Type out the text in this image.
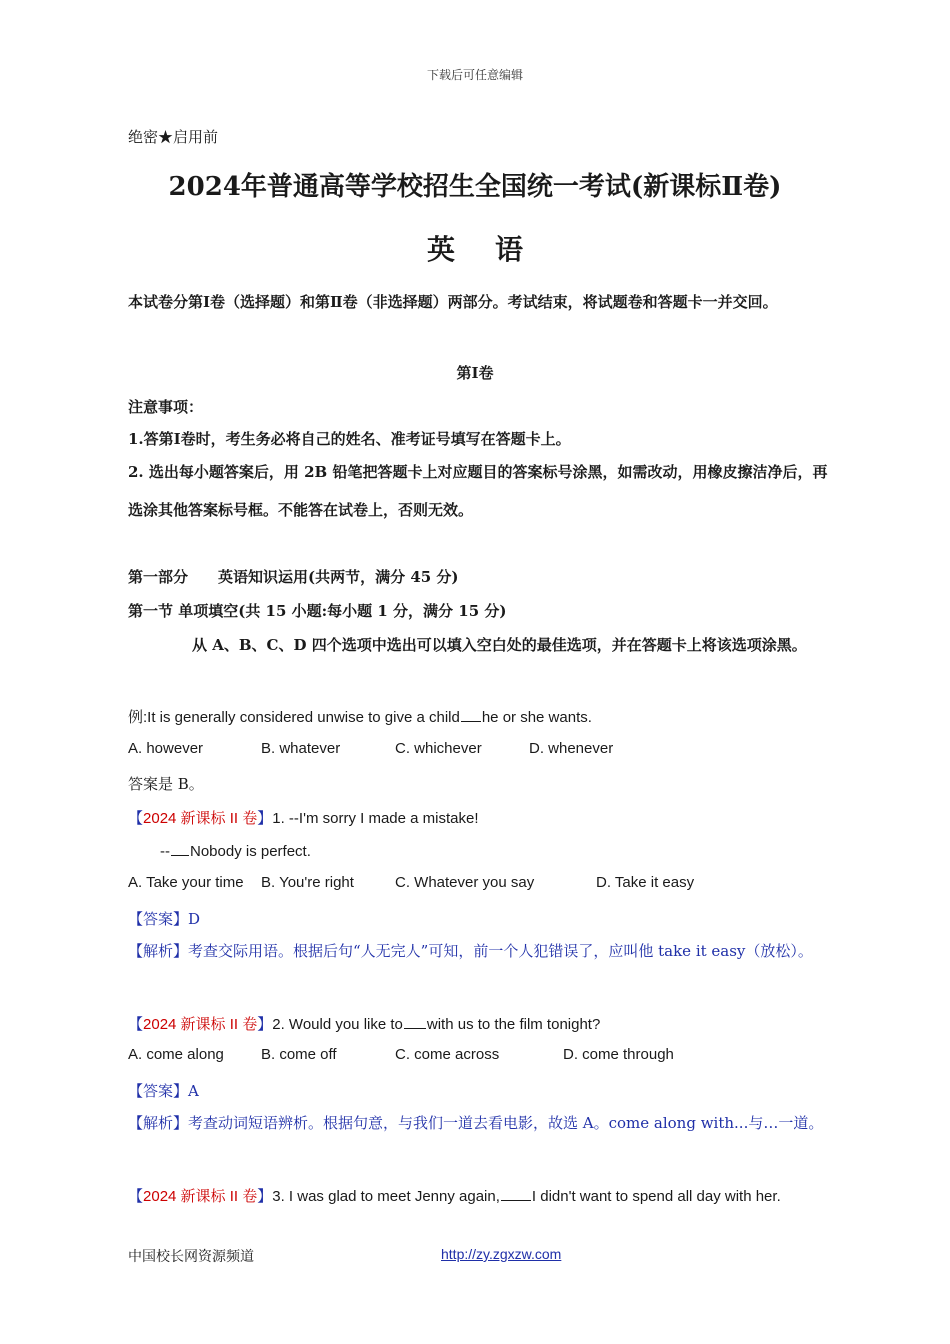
下载后可任意编辑
绝密★启用前
2024年普通高等学校招生全国统一考试(新课标Ⅱ卷)
英语
本试卷分第Ⅰ卷（选择题）和第Ⅱ卷（非选择题）两部分。考试结束，将试题卷和答题卡一并交回。
第Ⅰ卷
注意事项：
1.答第Ⅰ卷时，考生务必将自己的姓名、准考证号填写在答题卡上。
2. 选出每小题答案后，用 2B 铅笔把答题卡上对应题目的答案标号涂黑，如需改动，用橡皮擦洁净后，再选涂其他答案标号框。不能答在试卷上，否则无效。
第一部分　　英语知识运用(共两节，满分 45 分)
第一节 单项填空(共 15 小题:每小题 1 分，满分 15 分)
从 A、B、C、D 四个选项中选出可以填入空白处的最佳选项，并在答题卡上将该选项涂黑。
例:It is generally considered unwise to give a child he or she wants.
A. however	B. whatever	C. whichever	D. whenever
答案是 B。
【2024 新课标 II 卷】1. --I'm sorry I made a mistake!
-- Nobody is perfect.
A. Take your time B. You're right	C. Whatever you say	D. Take it easy
【答案】D
【解析】考查交际用语。根据后句“人无完人”可知，前一个人犯错误了，应叫他 take it easy（放松）。
【2024 新课标 II 卷】2. Would you like to with us to the film tonight?
A. come along B. come off	C. come across	D. come through
【答案】A
【解析】考查动词短语辨析。根据句意，与我们一道去看电影，故选 A。come along with...与…一道。
【2024 新课标 II 卷】3. I was glad to meet Jenny again, I didn't want to spend all day with her.
中国校长网资源频道	http://zy.zgxzw.com
